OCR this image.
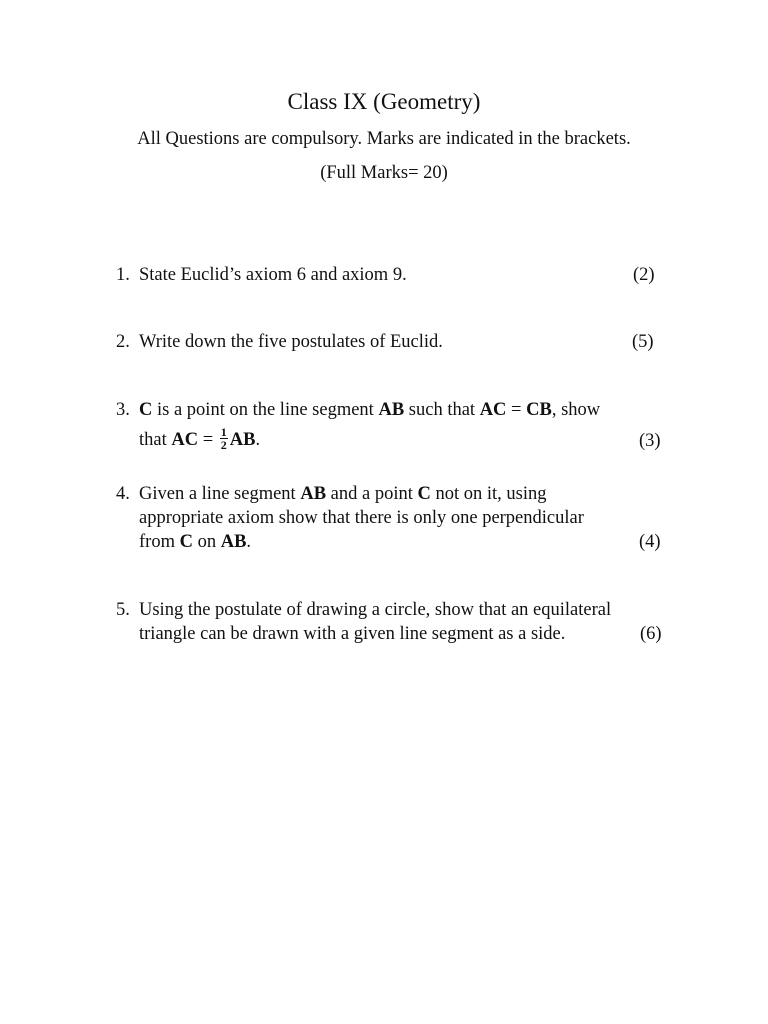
Class IX (Geometry)
All Questions are compulsory. Marks are indicated in the brackets.
(Full Marks= 20)
1. State Euclid’s axiom 6 and axiom 9.	(2)
2. Write down the five postulates of Euclid.	(5)
3. C is a point on the line segment AB such that AC = CB, show
that AC = $\frac{1}{2}$ AB.	(3)
4. Given a line segment AB and a point C not on it, using
appropriate axiom show that there is only one perpendicular
from C on AB.	(4)
5. Using the postulate of drawing a circle, show that an equilateral
triangle can be drawn with a given line segment as a side.	(6)
